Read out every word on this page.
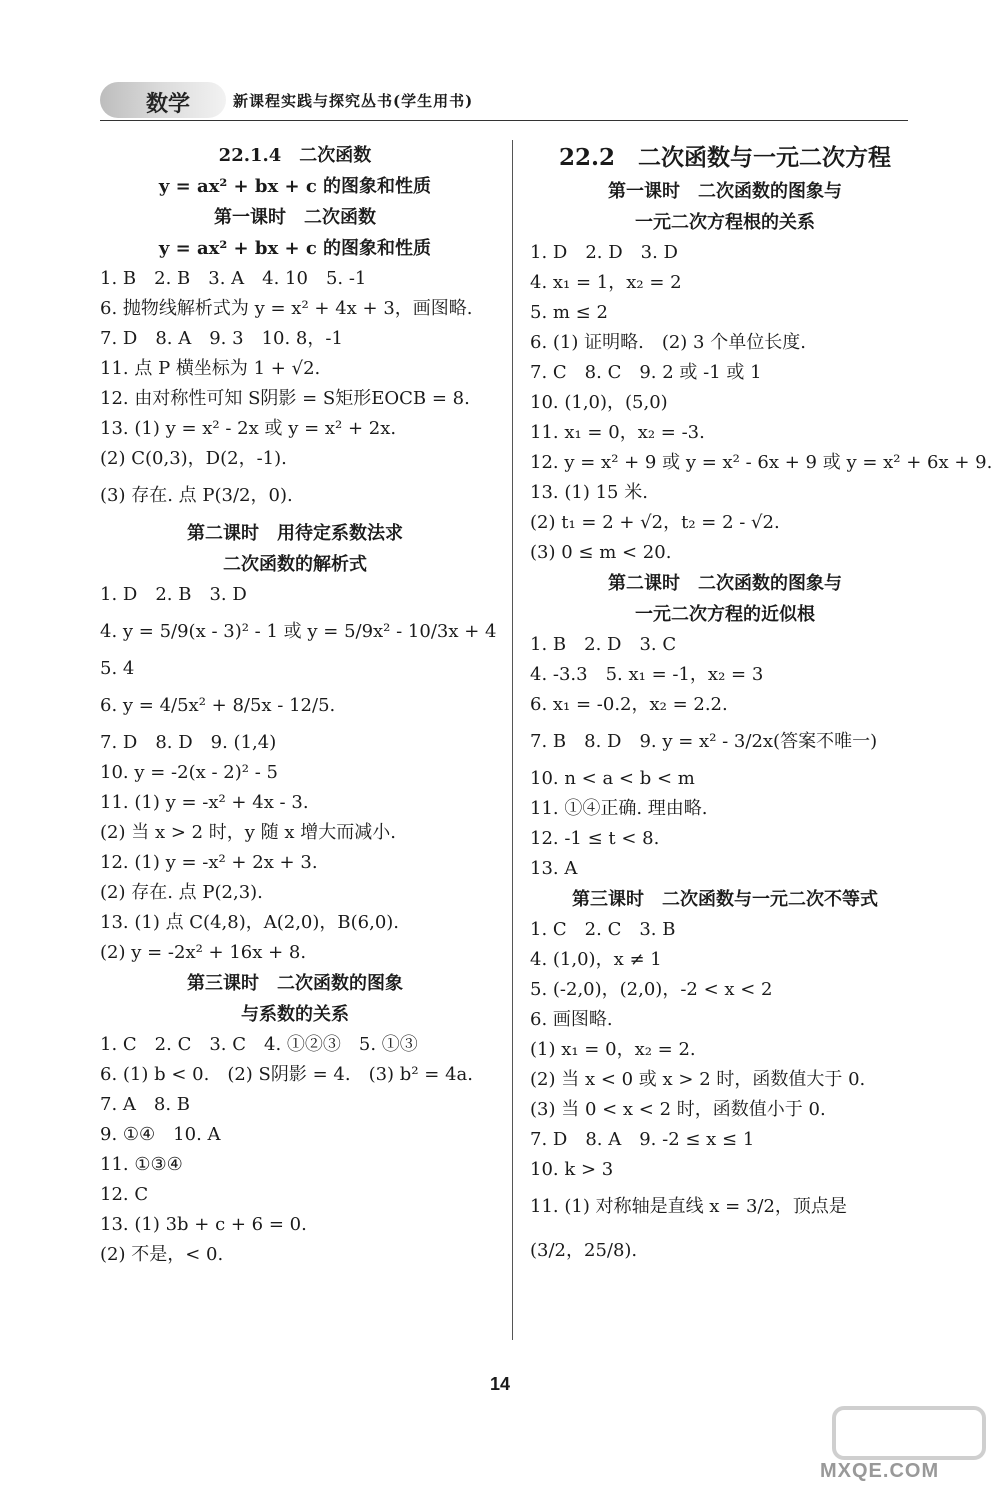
数学	新课程实践与探究丛书(学生用书)
22.1.4　二次函数
y = ax² + bx + c 的图象和性质
第一课时　二次函数
y = ax² + bx + c 的图象和性质
1. B　2. B　3. A　4. 10　5. -1
6. 抛物线解析式为 y = x² + 4x + 3，画图略.
7. D　8. A　9. 3　10. 8，-1
11. 点 P 横坐标为 1 + √2.
12. 由对称性可知 S阴影 = S矩形EOCB = 8.
13. (1) y = x² - 2x 或 y = x² + 2x.
(2) C(0,3)，D(2，-1).
(3) 存在. 点 P(3/2，0).
第二课时　用待定系数法求
二次函数的解析式
1. D　2. B　3. D
4. y = 5/9(x - 3)² - 1 或 y = 5/9x² - 10/3x + 4
5. 4
6. y = 4/5x² + 8/5x - 12/5.
7. D　8. D　9. (1,4)
10. y = -2(x - 2)² - 5
11. (1) y = -x² + 4x - 3.
(2) 当 x > 2 时，y 随 x 增大而减小.
12. (1) y = -x² + 2x + 3.
(2) 存在. 点 P(2,3).
13. (1) 点 C(4,8)，A(2,0)，B(6,0).
(2) y = -2x² + 16x + 8.
第三课时　二次函数的图象
与系数的关系
1. C　2. C　3. C　4. ①②③　5. ①③
6. (1) b < 0.　(2) S阴影 = 4.　(3) b² = 4a.
7. A　8. B
9. ①④　10. A
11. ①③④
12. C
13. (1) 3b + c + 6 = 0.
(2) 不是，< 0.
22.2　二次函数与一元二次方程
第一课时　二次函数的图象与
一元二次方程根的关系
1. D　2. D　3. D
4. x₁ = 1，x₂ = 2
5. m ≤ 2
6. (1) 证明略.　(2) 3 个单位长度.
7. C　8. C　9. 2 或 -1 或 1
10. (1,0)，(5,0)
11. x₁ = 0，x₂ = -3.
12. y = x² + 9 或 y = x² - 6x + 9 或 y = x² + 6x + 9.
13. (1) 15 米.
(2) t₁ = 2 + √2，t₂ = 2 - √2.
(3) 0 ≤ m < 20.
第二课时　二次函数的图象与
一元二次方程的近似根
1. B　2. D　3. C
4. -3.3　5. x₁ = -1，x₂ = 3
6. x₁ = -0.2，x₂ = 2.2.
7. B　8. D　9. y = x² - 3/2x(答案不唯一)
10. n < a < b < m
11. ①④正确. 理由略.
12. -1 ≤ t < 8.
13. A
第三课时　二次函数与一元二次不等式
1. C　2. C　3. B
4. (1,0)，x ≠ 1
5. (-2,0)，(2,0)，-2 < x < 2
6. 画图略.
(1) x₁ = 0，x₂ = 2.
(2) 当 x < 0 或 x > 2 时，函数值大于 0.
(3) 当 0 < x < 2 时，函数值小于 0.
7. D　8. A　9. -2 ≤ x ≤ 1
10. k > 3
11. (1) 对称轴是直线 x = 3/2，顶点是
(3/2，25/8).
14
MXQE.COM
